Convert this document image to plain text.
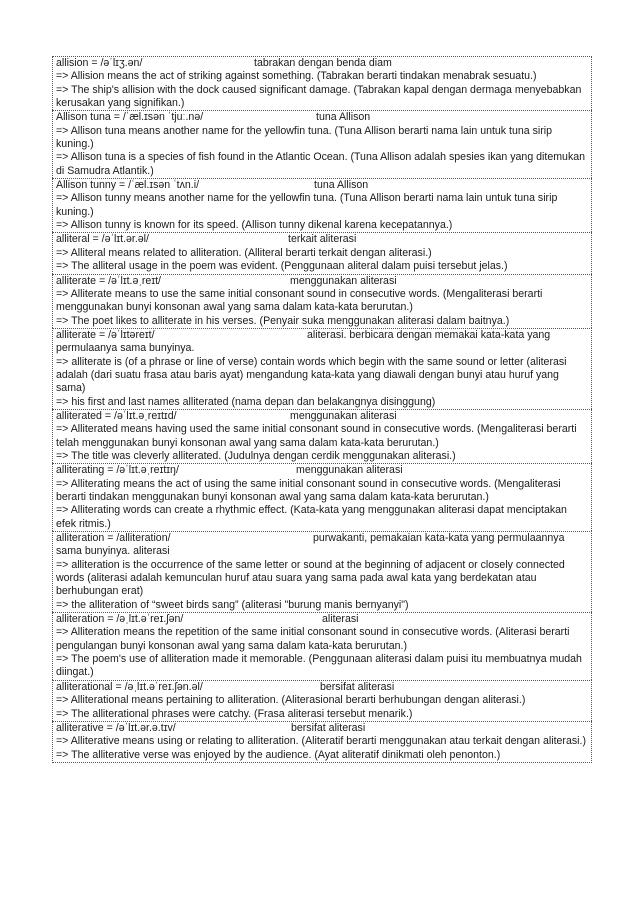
allision = /əˈlɪʒ.ən/	tabrakan dengan benda diam
=> Allision means the act of striking against something. (Tabrakan berarti tindakan menabrak sesuatu.)
=> The ship's allision with the dock caused significant damage. (Tabrakan kapal dengan dermaga menyebabkan kerusakan yang signifikan.)
Allison tuna = /ˈæl.ɪsən ˈtjuː.nə/	tuna Allison
=> Allison tuna means another name for the yellowfin tuna. (Tuna Allison berarti nama lain untuk tuna sirip kuning.)
=> Allison tuna is a species of fish found in the Atlantic Ocean. (Tuna Allison adalah spesies ikan yang ditemukan di Samudra Atlantik.)
Allison tunny = /ˈæl.ɪsən ˈtʌn.i/	tuna Allison
=> Allison tunny means another name for the yellowfin tuna. (Tuna Allison berarti nama lain untuk tuna sirip kuning.)
=> Allison tunny is known for its speed. (Allison tunny dikenal karena kecepatannya.)
alliteral = /əˈlɪt.ər.əl/	terkait aliterasi
=> Alliteral means related to alliteration. (Alliteral berarti terkait dengan aliterasi.)
=> The alliteral usage in the poem was evident. (Penggunaan aliteral dalam puisi tersebut jelas.)
alliterate = /əˈlɪt.əˌreɪt/	menggunakan aliterasi
=> Alliterate means to use the same initial consonant sound in consecutive words. (Mengaliterasi berarti menggunakan bunyi konsonan awal yang sama dalam kata-kata berurutan.)
=> The poet likes to alliterate in his verses. (Penyair suka menggunakan aliterasi dalam baitnya.)
alliterate = /əˈlɪtəreɪt/	aliterasi. berbicara dengan memakai kata-kata yang
permulaanya sama bunyinya.
=> alliterate is (of a phrase or line of verse) contain words which begin with the same sound or letter (aliterasi adalah (dari suatu frasa atau baris ayat) mengandung kata-kata yang diawali dengan bunyi atau huruf yang sama)
=> his first and last names alliterated (nama depan dan belakangnya disinggung)
alliterated = /əˈlɪt.əˌreɪtɪd/	menggunakan aliterasi
=> Alliterated means having used the same initial consonant sound in consecutive words. (Mengaliterasi berarti telah menggunakan bunyi konsonan awal yang sama dalam kata-kata berurutan.)
=> The title was cleverly alliterated. (Judulnya dengan cerdik menggunakan aliterasi.)
alliterating = /əˈlɪt.əˌreɪtɪŋ/	menggunakan aliterasi
=> Alliterating means the act of using the same initial consonant sound in consecutive words. (Mengaliterasi berarti tindakan menggunakan bunyi konsonan awal yang sama dalam kata-kata berurutan.)
=> Alliterating words can create a rhythmic effect. (Kata-kata yang menggunakan aliterasi dapat menciptakan efek ritmis.)
alliteration = /alliteration/	purwakanti, pemakaian kata-kata yang permulaannya
sama bunyinya. aliterasi
=> alliteration is the occurrence of the same letter or sound at the beginning of adjacent or closely connected words (aliterasi adalah kemunculan huruf atau suara yang sama pada awal kata yang berdekatan atau berhubungan erat)
=> the alliteration of “sweet birds sang” (aliterasi "burung manis bernyanyi")
alliteration = /əˌlɪt.əˈreɪ.ʃən/	aliterasi
=> Alliteration means the repetition of the same initial consonant sound in consecutive words. (Aliterasi berarti pengulangan bunyi konsonan awal yang sama dalam kata-kata berurutan.)
=> The poem's use of alliteration made it memorable. (Penggunaan aliterasi dalam puisi itu membuatnya mudah diingat.)
alliterational = /əˌlɪt.əˈreɪ.ʃən.əl/	bersifat aliterasi
=> Alliterational means pertaining to alliteration. (Aliterasional berarti berhubungan dengan aliterasi.)
=> The alliterational phrases were catchy. (Frasa aliterasi tersebut menarik.)
alliterative = /əˈlɪt.ər.ə.tɪv/	bersifat aliterasi
=> Alliterative means using or relating to alliteration. (Aliteratif berarti menggunakan atau terkait dengan aliterasi.)
=> The alliterative verse was enjoyed by the audience. (Ayat aliteratif dinikmati oleh penonton.)
